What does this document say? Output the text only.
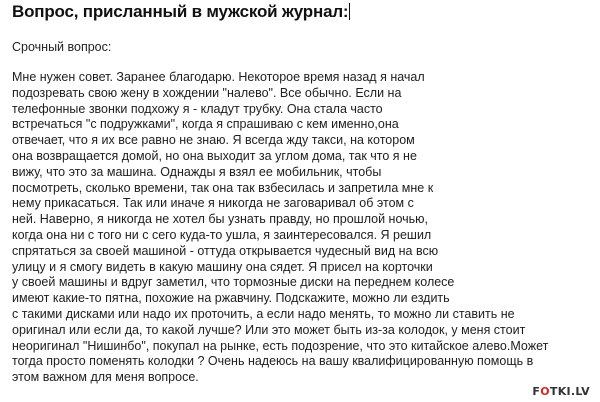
Вопрос, присланный в мужской журнал:
Срочный вопрос:
Мне нужен совет. Заранее благодарю. Некоторое время назад я начал
подозревать свою жену в хождении "налево". Все обычно. Если на
телефонные звонки подхожу я - кладут трубку. Она стала часто
встречаться "с подружками", когда я спрашиваю с кем именно,она
отвечает, что я их все равно не знаю. Я всегда жду такси, на котором
она возвращается домой, но она выходит за углом дома, так что я не
вижу, что это за машина. Однажды я взял ее мобильник, чтобы
посмотреть, сколько времени, так она так взбесилась и запретила мне к
нему прикасаться. Так или иначе я никогда не заговаривал об этом с
ней. Наверно, я никогда не хотел бы узнать правду, но прошлой ночью,
когда она ни с того ни с сего куда-то ушла, я заинтересовался. Я решил
спрятаться за своей машиной - оттуда открывается чудесный вид на всю
улицу и я смогу видеть в какую машину она сядет. Я присел на корточки
у своей машины и вдруг заметил, что тормозные диски на переднем колесе
имеют какие-то пятна, похожие на ржавчину. Подскажите, можно ли ездить
с такими дисками или надо их проточить, а если надо менять, то можно ли ставить не
оригинал или если да, то какой лучше? Или это может быть из-за колодок, у меня стоит
неоригинал "Нишинбо", покупал на рынке, есть подозрение, что это китайское алево.Может
тогда просто поменять колодки ? Очень надеюсь на вашу квалифицированную помощь в
этом важном для меня вопросе.
FOTKI.LV
